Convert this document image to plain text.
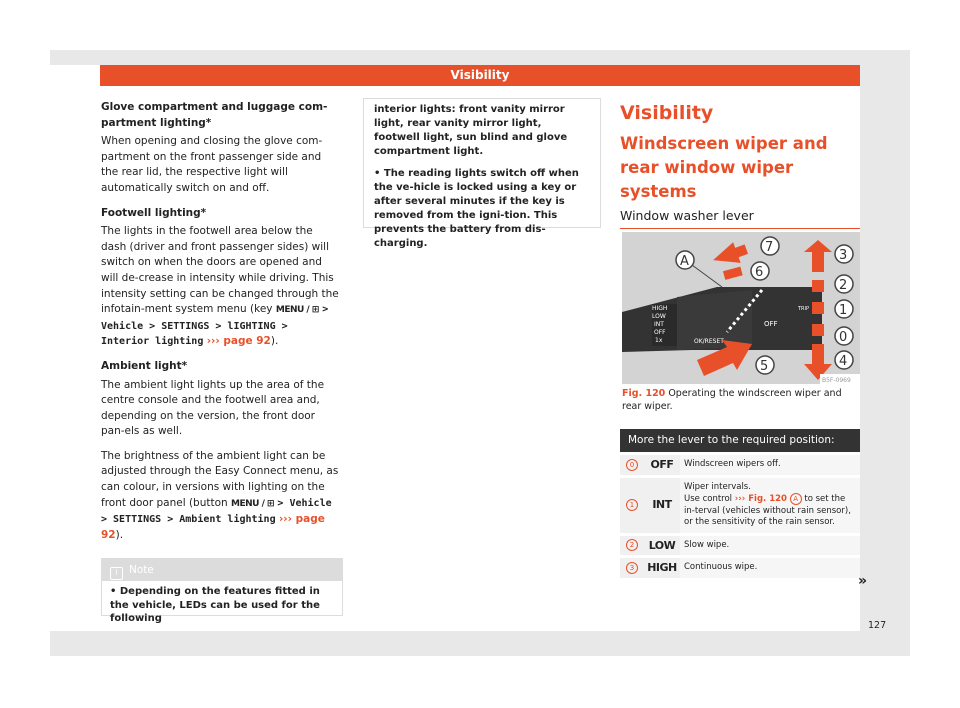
Visibility
Glove compartment and luggage com-partment lighting*

When opening and closing the glove com-partment on the front passenger side and the rear lid, the respective light will automatically switch on and off.

Footwell lighting*

The lights in the footwell area below the dash (driver and front passenger sides) will switch on when the doors are opened and will de-crease in intensity while driving. This intensity setting can be changed through the infotain-ment system menu (key MENU / ⊞ > Vehicle > SETTINGS > lIGHTING > Interior lighting ››› page 92).

Ambient light*

The ambient light lights up the area of the centre console and the footwell area and, depending on the version, the front door pan-els as well.

The brightness of the ambient light can be adjusted through the Easy Connect menu, as can colour, in versions with lighting on the front door panel (button MENU / ⊞ > Vehicle > SETTINGS > Ambient lighting ››› page 92).

i Note
• Depending on the features fitted in the vehicle, LEDs can be used for the following
interior lights: front vanity mirror light, rear vanity mirror light, footwell light, sun blind and glove compartment light.
• The reading lights switch off when the ve-hicle is locked using a key or after several minutes if the key is removed from the igni-tion. This prevents the battery from dis-charging.
Visibility
Windscreen wiper and rear window wiper systems
Window washer lever
HIGH
LOW
INT
OFF
1x
OFF
OK/RESET
TRIP
A
7
6
5
3
2
1
0
4
B5F-0969
Fig. 120 Operating the windscreen wiper and rear wiper.
More the lever to the required position:
0	OFF	Windscreen wipers off.
1	INT
Wiper intervals.
Use control ››› Fig. 120 A to set the in-terval (vehicles without rain sensor), or the sensitivity of the rain sensor.
2	LOW	Slow wipe.
3	HIGH Continuous wipe.
»
127
